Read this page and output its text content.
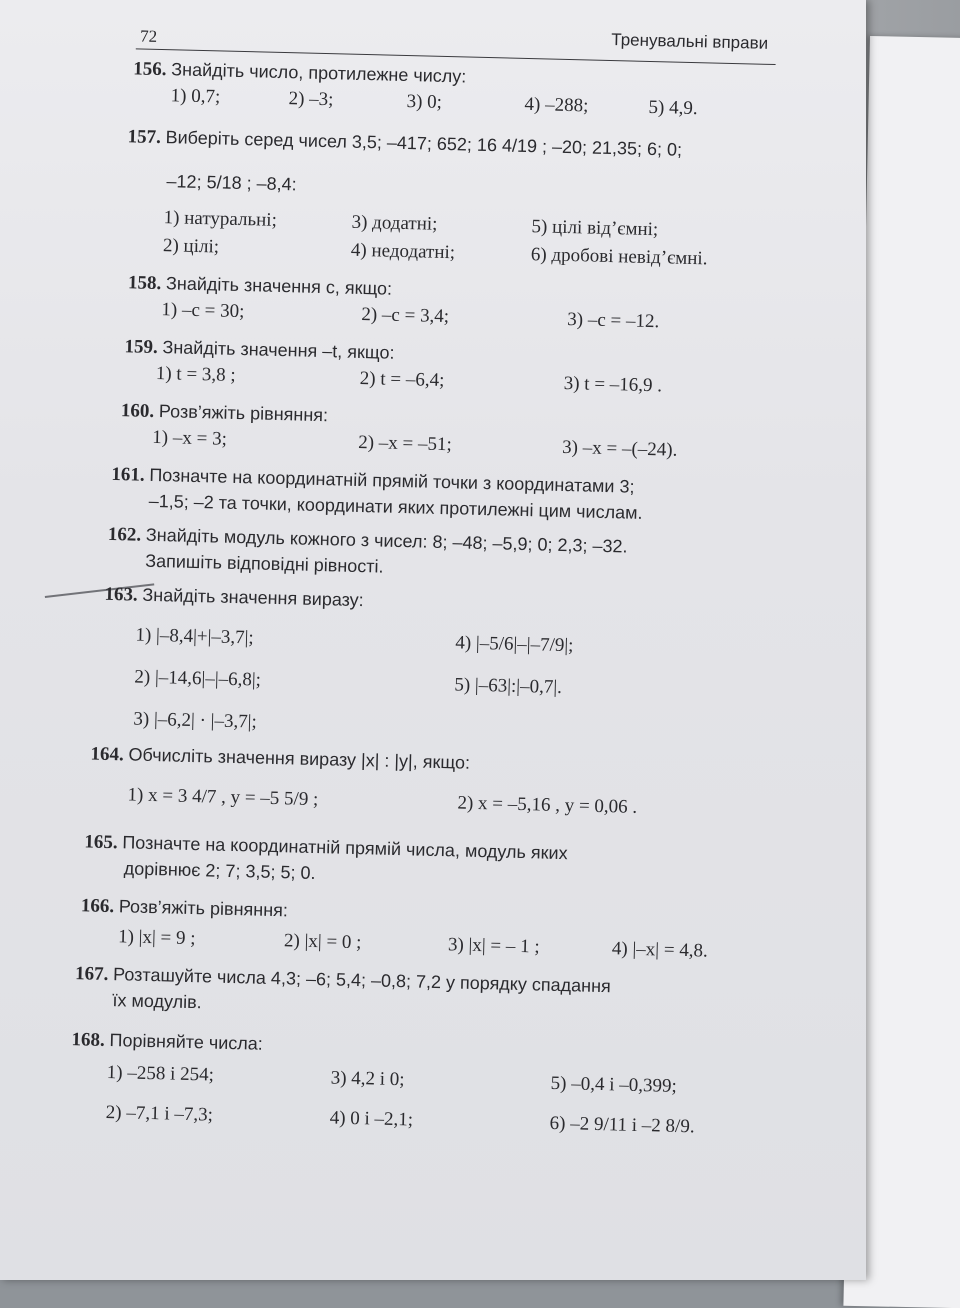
72	Тренувальні вправи
156. Знайдіть число, протилежне числу:
1) 0,7;	2) –3;	3) 0;	4) –288;	5) 4,9.
157. Виберіть серед чисел 3,5; –417; 652; 16 4/19 ; –20; 21,35; 6; 0;
–12; 5/18 ; –8,4:
1) натуральні;	3) додатні;	5) цілі від’ємні;
2) цілі;	4) недодатні;	6) дробові невід’ємні.
158. Знайдіть значення c, якщо:
1) –c = 30;	2) –c = 3,4;	3) –c = –12.
159. Знайдіть значення –t, якщо:
1) t = 3,8 ;	2) t = –6,4;	3) t = –16,9 .
160. Розв’яжіть рівняння:
1) –x = 3;	2) –x = –51;	3) –x = –(–24).
161. Позначте на координатній прямій точки з координатами 3;
–1,5; –2 та точки, координати яких протилежні цим числам.
162. Знайдіть модуль кожного з чисел: 8; –48; –5,9; 0; 2,3; –32.
Запишіть відповідні рівності.
163. Знайдіть значення виразу:
1) |–8,4|+|–3,7|;	4) |–5/6|–|–7/9|;
2) |–14,6|–|–6,8|;	5) |–63|:|–0,7|.
3) |–6,2| · |–3,7|;
164. Обчисліть значення виразу |x| : |y|, якщо:
1) x = 3 4/7 , y = –5 5/9 ;	2) x = –5,16 , y = 0,06 .
165. Позначте на координатній прямій числа, модуль яких
дорівнює 2; 7; 3,5; 5; 0.
166. Розв’яжіть рівняння:
1) |x| = 9 ;	2) |x| = 0 ;	3) |x| = – 1 ;	4) |–x| = 4,8.
167. Розташуйте числа 4,3; –6; 5,4; –0,8; 7,2 у порядку спадання
їх модулів.
168. Порівняйте числа:
1) –258 і 254;	3) 4,2 і 0;	5) –0,4 і –0,399;
2) –7,1 і –7,3;	4) 0 і –2,1;	6) –2 9/11 і –2 8/9.
